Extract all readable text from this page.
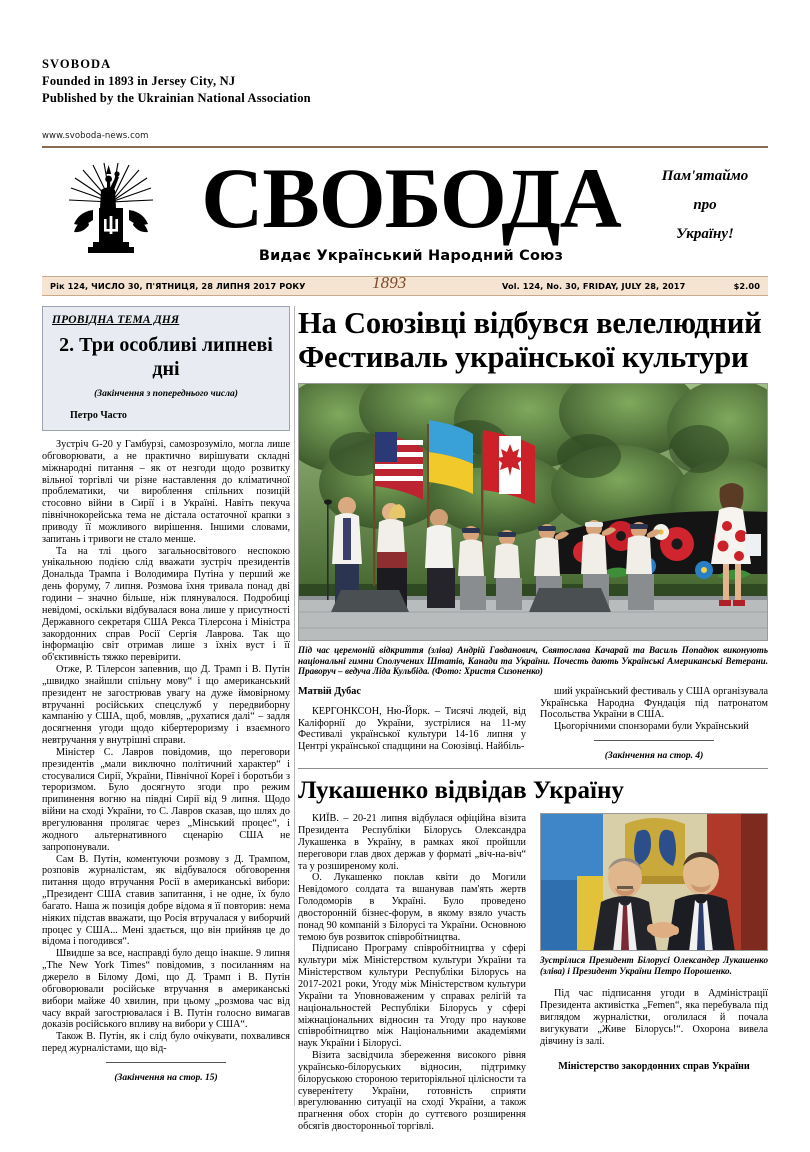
SVOBODA
Founded in 1893 in Jersey City, NJ
Published by the Ukrainian National Association
www.svoboda-news.com
СВОБОДА
Видає Український Народний Союз
Пам'ятаймо
про
Україну!
Рік 124, ЧИСЛО 30, П'ЯТНИЦЯ, 28 ЛИПНЯ 2017 РОКУ	1893	Vol. 124, No. 30, FRIDAY, JULY 28, 2017	$2.00
ПРОВІДНА ТЕМА ДНЯ
2. Три особливі липневі дні
(Закінчення з попереднього числа)
Петро Часто

Зустріч G-20 у Гамбурзі, самозрозуміло, могла лише обговорювати, а не практично вирішувати складні міжнародні питання – як от незгоди щодо розвитку вільної торгівлі чи різне наставлення до кліматичної проблематики, чи вироблення спільних позицій стосовно війни в Сирії і в Україні. Навіть пекуча північнокорейська тема не дістала остаточної крапки з приводу її можливого вирішення. Іншими словами, запитань і тривоги не стало менше.

Та на тлі цього загальносвітового неспокою унікальною подією слід вважати зустріч президентів Дональда Трампа і Володимира Путіна у перший же день форуму, 7 липня. Розмова їхня тривала понад дві години – значно більше, ніж плянувалося. Подробиці невідомі, оскільки відбувалася вона лише у присутності Державного секретаря США Рекса Тілерсона і Міністра закордонних справ Росії Сергія Лаврова. Так що інформацію світ отримав лише з їхніх вуст і її об'єктивність тяжко перевірити.

Отже, Р. Тілерсон запевнив, що Д. Трамп і В. Путін „швидко знайшли спільну мову“ і що американський президент не загострював увагу на дуже ймовірному втручанні російських спецслужб у передвиборну кампанію у США, щоб, мовляв, „рухатися далі“ – задля досягнення угоди щодо кібертероризму і взаємного невтручання у внутрішні справи.

Міністер С. Лавров повідомив, що переговори президентів „мали виключно політичний характер“ і стосувалися Сирії, України, Північної Кореї і боротьби з тероризмом. Було досягнуто згоди про режим припинення вогню на півдні Сирії від 9 липня. Щодо війни на сході України, то С. Лавров сказав, що шлях до врегулювання пролягає через „Мінський процес“, і жодного альтернативного сценарію США не запропонували.

Сам В. Путін, коментуючи розмову з Д. Трампом, розповів журналістам, як відбувалося обговорення питання щодо втручання Росії в американські вибори: „Президент США ставив запитання, і не одне, їх було багато. Наша ж позиція добре відома я її повторив: нема ніяких підстав вважати, що Росія втручалася у виборчий процес у США... Мені здається, що він прийняв це до відома і погодився“.

Швидше за все, насправді було дещо інакше. 9 липня „The New York Times“ повідомив, з посиланням на джерело в Білому Домі, що Д. Трамп і В. Путін обговорювали російське втручання в американські вибори майже 40 хвилин, при цьому „розмова час від часу вкрай загострювалася і В. Путін голосно вимагав доказів російського впливу на вибори у США“.

Також В. Путін, як і слід було очікувати, похвалився перед журналістами, що від-

(Закінчення на стор. 15)
На Союзівці відбувся велелюдний Фестиваль української культури
Під час церемоній відкриття (зліва) Андрій Гавданович, Святослава Качарай та Василь Попадюк виконують національні гимни Сполучених Штатів, Канади та України. Почесть дають Українські Американські Ветерани. Праворуч – ведуча Ліда Кульбіда. (Фото: Христя Сизоненко)
Матвій Дубас

КЕРГОНКСОН, Ню-Йорк. – Тисячі людей, від Каліфорнії до України, зустрілися на 11-му Фестивалі української культури 14-16 липня у Центрі української спадщини на Союзівці. Найбіль-

ший український фестиваль у США організувала Українська Народна Фундація під патронатом Посольства України в США.

Цьогорічними спонзорами були Український

(Закінчення на стор. 4)
Лукашенко відвідав Україну

КИЇВ. – 20-21 липня відбулася офіційна візита Президента Республіки Білорусь Олександра Лукашенка в Україну, в рамках якої пройшли переговори глав двох держав у форматі „віч-на-віч“ та у розширеному колі.

О. Лукашенко поклав квіти до Могили Невідомого солдата та вшанував пам'ять жертв Голодоморів в Україні. Було проведено двосторонній бізнес-форум, в якому взяло участь понад 90 компаній з Білорусі та України. Основною темою був розвиток співробітництва.

Підписано Програму співробітництва у сфері культури між Міністерством культури України та Міністерством культури Республіки Білорусь на 2017-2021 роки, Угоду між Міністерством культури України та Уповноваженим у справах релігій та національностей Республіки Білорусь у сфері міжнаціональних відносин та Угоду про наукове співробітництво між Національними академіями наук України і Білорусі.

Візита засвідчила збереження високого рівня українсько-білоруських відносин, підтримку білоруською стороною територіяльної цілісности та суверенітету України, готовність сприяти врегулюванню ситуації на сході України, а також прагнення обох сторін до суттєвого розширення обсягів двосторонньої торгівлі.

Зустрілися Президент Білорусі Олександер Лукашенко (зліва) і Президент України Петро Порошенко.

Під час підписання угоди в Адміністрації Президента активістка „Femen“, яка перебувала під виглядом журналістки, оголилася й почала вигукувати „Живе Білорусь!“. Охорона вивела дівчину із залі.

Міністерство закордонних справ України
